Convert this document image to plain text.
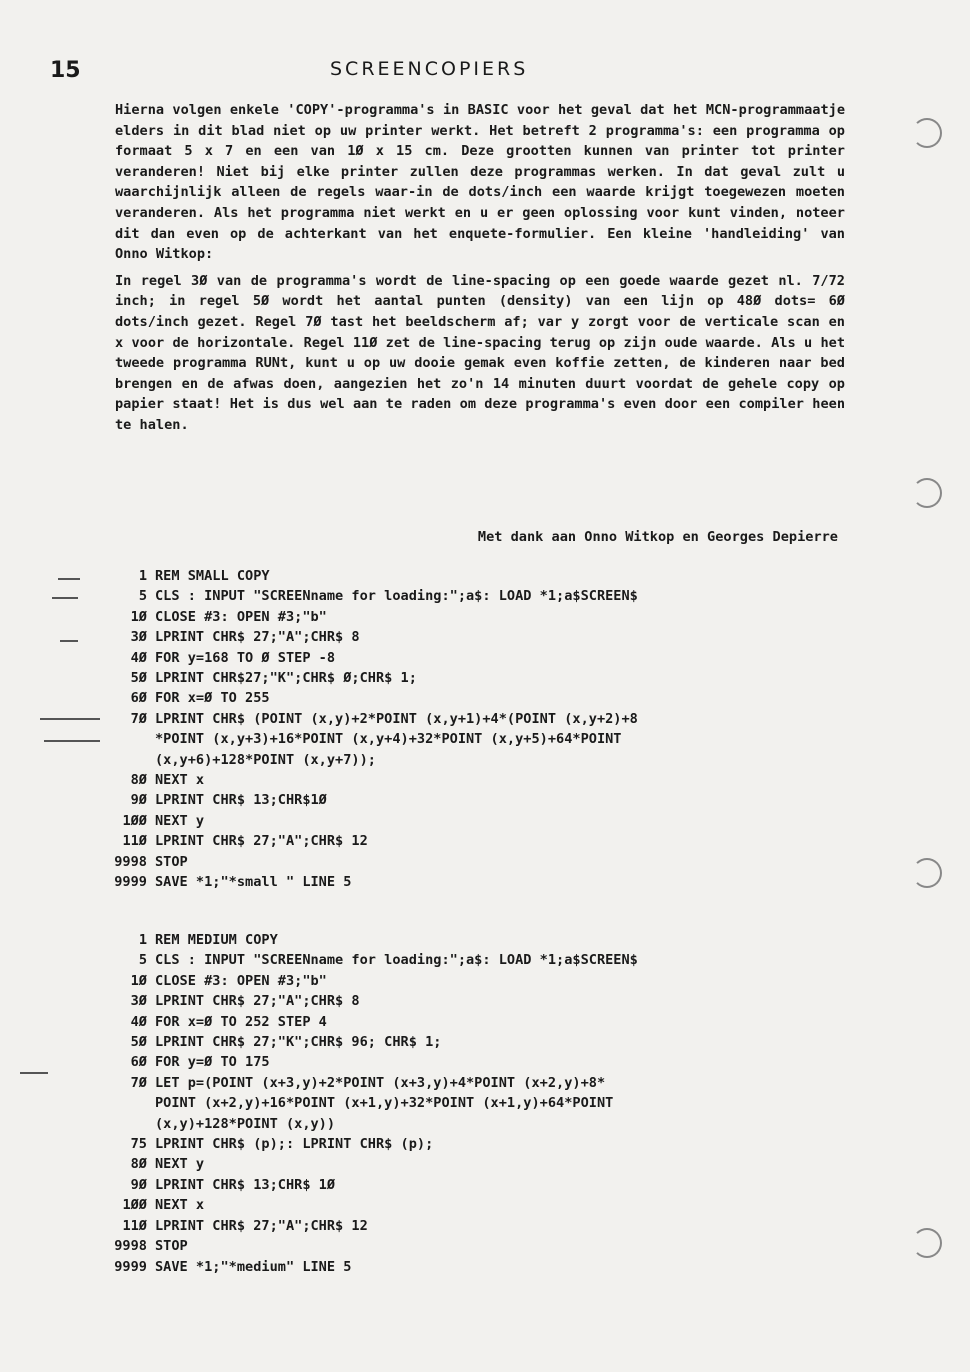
15	SCREENCOPIERS

Hierna volgen enkele 'COPY'-programma's in BASIC voor het geval dat het MCN-programmaatje elders in dit blad niet op uw printer werkt. Het betreft 2 programma's: een programma op formaat 5 x 7 en een van 1Ø x 15 cm. Deze grootten kunnen van printer tot printer veranderen! Niet bij elke printer zullen deze programmas werken. In dat geval zult u waarchijnlijk alleen de regels waar-in de dots/inch een waarde krijgt toegewezen moeten veranderen. Als het programma niet werkt en u er geen oplossing voor kunt vinden, noteer dit dan even op de achterkant van het enquete-formulier. Een kleine 'handleiding' van Onno Witkop:

In regel 3Ø van de programma's wordt de line-spacing op een goede waarde gezet nl. 7/72 inch; in regel 5Ø wordt het aantal punten (density) van een lijn op 48Ø dots= 6Ø dots/inch gezet. Regel 7Ø tast het beeldscherm af; var y zorgt voor de verticale scan en x voor de horizontale. Regel 11Ø zet de line-spacing terug op zijn oude waarde. Als u het tweede programma RUNt, kunt u op uw dooie gemak even koffie zetten, de kinderen naar bed brengen en de afwas doen, aangezien het zo'n 14 minuten duurt voordat de gehele copy op papier staat! Het is dus wel aan te raden om deze programma's even door een compiler heen te halen.

Met dank aan Onno Witkop en Georges Depierre
1 REM SMALL COPY
5 CLS : INPUT "SCREENname for loading:";a$: LOAD *1;a$SCREEN$
1Ø CLOSE #3: OPEN #3;"b"
3Ø LPRINT CHR$ 27;"A";CHR$ 8
4Ø FOR y=168 TO Ø STEP -8
5Ø LPRINT CHR$27;"K";CHR$ Ø;CHR$ 1;
6Ø FOR x=Ø TO 255
7Ø LPRINT CHR$ (POINT (x,y)+2*POINT (x,y+1)+4*(POINT (x,y+2)+8
*POINT (x,y+3)+16*POINT (x,y+4)+32*POINT (x,y+5)+64*POINT
(x,y+6)+128*POINT (x,y+7));
8Ø NEXT x
9Ø LPRINT CHR$ 13;CHR$1Ø
1ØØ NEXT y
11Ø LPRINT CHR$ 27;"A";CHR$ 12
9998 STOP
9999 SAVE *1;"*small " LINE 5
1 REM MEDIUM COPY
5 CLS : INPUT "SCREENname for loading:";a$: LOAD *1;a$SCREEN$
1Ø CLOSE #3: OPEN #3;"b"
3Ø LPRINT CHR$ 27;"A";CHR$ 8
4Ø FOR x=Ø TO 252 STEP 4
5Ø LPRINT CHR$ 27;"K";CHR$ 96; CHR$ 1;
6Ø FOR y=Ø TO 175
7Ø LET p=(POINT (x+3,y)+2*POINT (x+3,y)+4*POINT (x+2,y)+8*
POINT (x+2,y)+16*POINT (x+1,y)+32*POINT (x+1,y)+64*POINT
(x,y)+128*POINT (x,y))
75 LPRINT CHR$ (p);: LPRINT CHR$ (p);
8Ø NEXT y
9Ø LPRINT CHR$ 13;CHR$ 1Ø
1ØØ NEXT x
11Ø LPRINT CHR$ 27;"A";CHR$ 12
9998 STOP
9999 SAVE *1;"*medium" LINE 5
